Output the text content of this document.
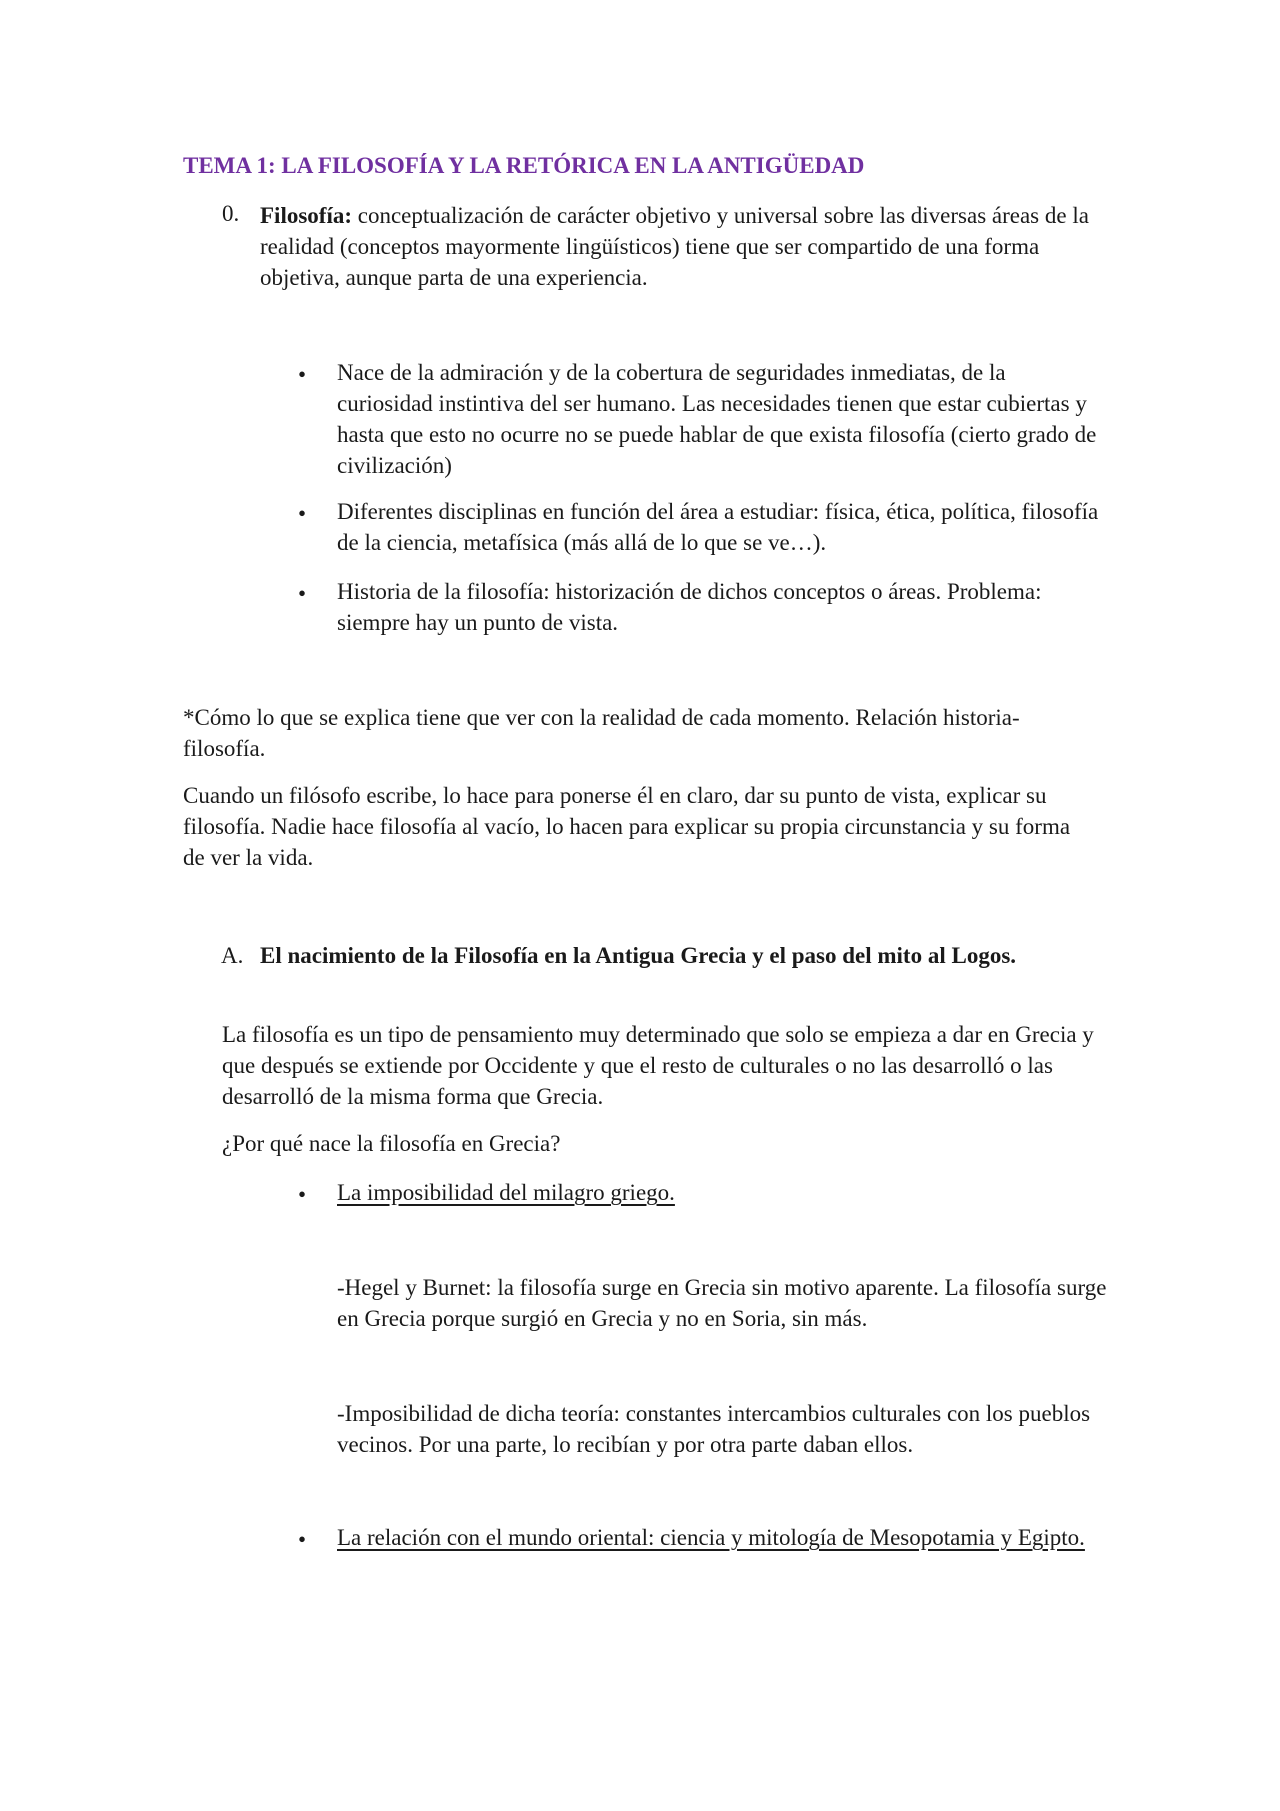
TEMA 1: LA FILOSOFÍA Y LA RETÓRICA EN LA ANTIGÜEDAD
0. Filosofía: conceptualización de carácter objetivo y universal sobre las diversas áreas de la realidad (conceptos mayormente lingüísticos) tiene que ser compartido de una forma objetiva, aunque parta de una experiencia.

• Nace de la admiración y de la cobertura de seguridades inmediatas, de la curiosidad instintiva del ser humano. Las necesidades tienen que estar cubiertas y hasta que esto no ocurre no se puede hablar de que exista filosofía (cierto grado de civilización)

• Diferentes disciplinas en función del área a estudiar: física, ética, política, filosofía de la ciencia, metafísica (más allá de lo que se ve…).

• Historia de la filosofía: historización de dichos conceptos o áreas. Problema: siempre hay un punto de vista.

*Cómo lo que se explica tiene que ver con la realidad de cada momento. Relación historia-filosofía.

Cuando un filósofo escribe, lo hace para ponerse él en claro, dar su punto de vista, explicar su filosofía. Nadie hace filosofía al vacío, lo hacen para explicar su propia circunstancia y su forma de ver la vida.

A. El nacimiento de la Filosofía en la Antigua Grecia y el paso del mito al Logos.

La filosofía es un tipo de pensamiento muy determinado que solo se empieza a dar en Grecia y que después se extiende por Occidente y que el resto de culturales o no las desarrolló o las desarrolló de la misma forma que Grecia.

¿Por qué nace la filosofía en Grecia?

• La imposibilidad del milagro griego.

-Hegel y Burnet: la filosofía surge en Grecia sin motivo aparente. La filosofía surge en Grecia porque surgió en Grecia y no en Soria, sin más.

-Imposibilidad de dicha teoría: constantes intercambios culturales con los pueblos vecinos. Por una parte, lo recibían y por otra parte daban ellos.

• La relación con el mundo oriental: ciencia y mitología de Mesopotamia y Egipto.
